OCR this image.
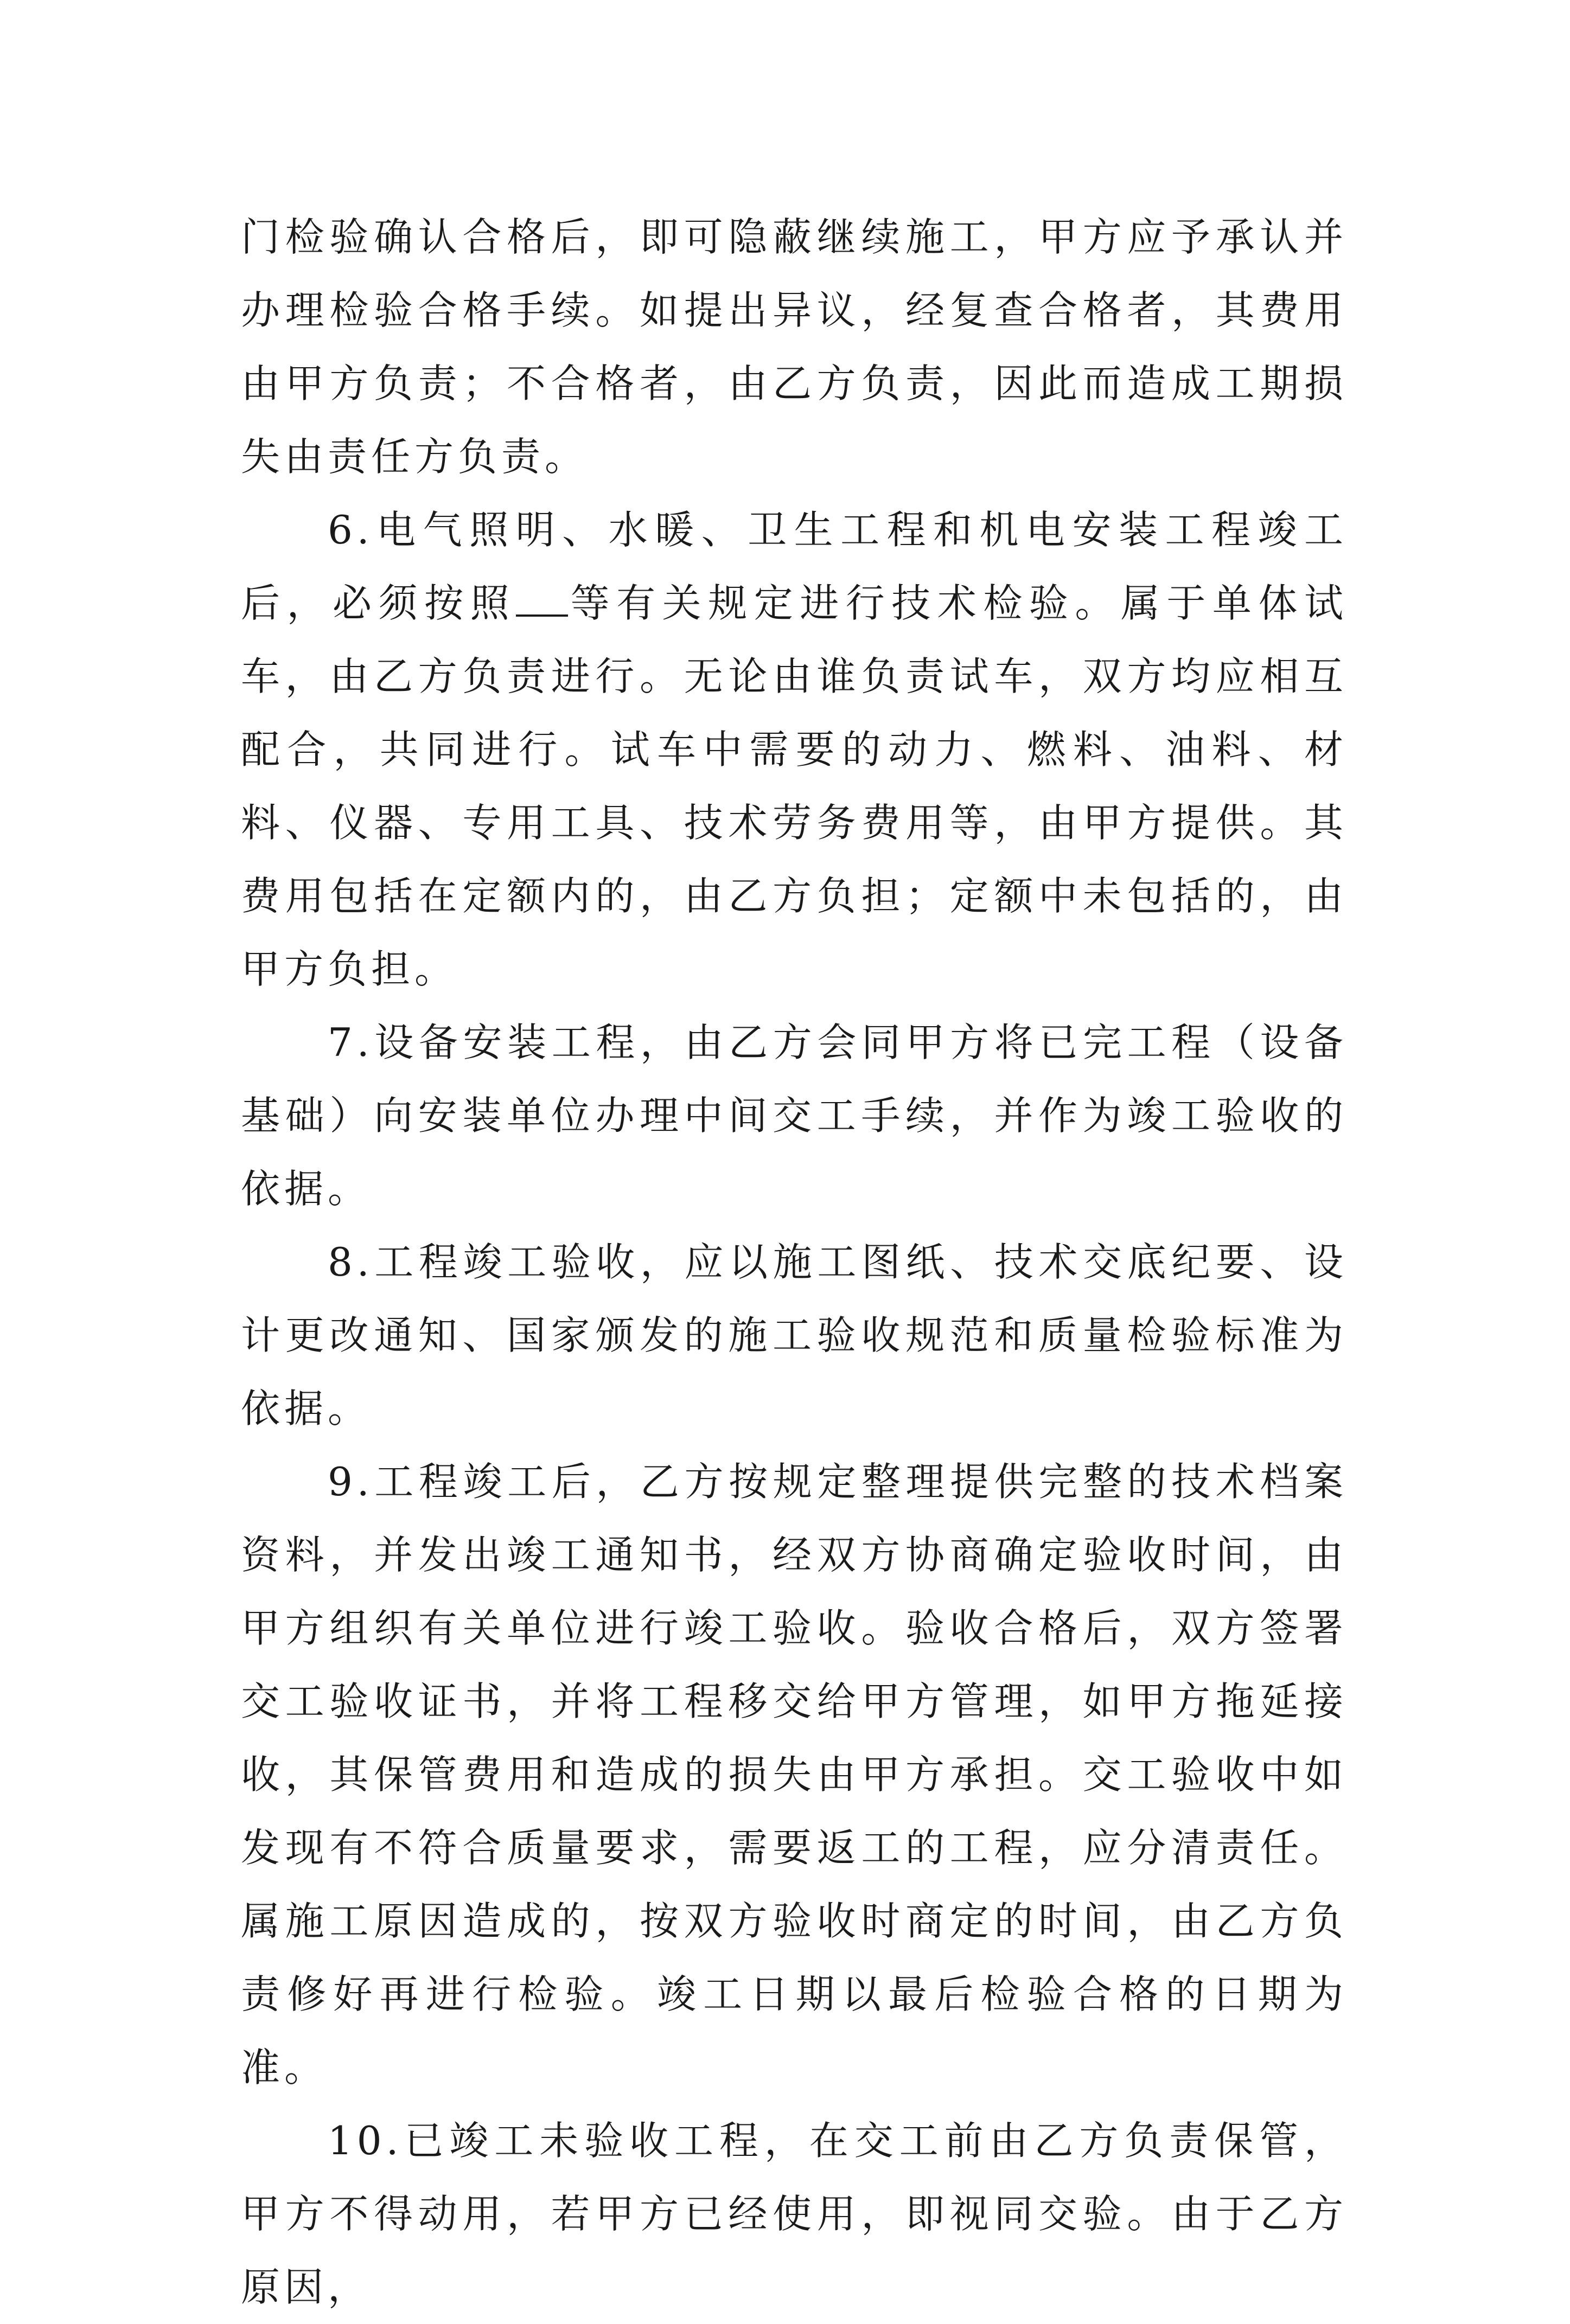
门检验确认合格后，即可隐蔽继续施工，甲方应予承认并办理检验合格手续。如提出异议，经复查合格者，其费用由甲方负责；不合格者，由乙方负责，因此而造成工期损失由责任方负责。

6.电气照明、水暖、卫生工程和机电安装工程竣工后，必须按照 等有关规定进行技术检验。属于单体试车，由乙方负责进行。无论由谁负责试车，双方均应相互配合，共同进行。试车中需要的动力、燃料、油料、材料、仪器、专用工具、技术劳务费用等，由甲方提供。其费用包括在定额内的，由乙方负担；定额中未包括的，由甲方负担。

7.设备安装工程，由乙方会同甲方将已完工程（设备基础）向安装单位办理中间交工手续，并作为竣工验收的依据。

8.工程竣工验收，应以施工图纸、技术交底纪要、设计更改通知、国家颁发的施工验收规范和质量检验标准为依据。

9.工程竣工后，乙方按规定整理提供完整的技术档案资料，并发出竣工通知书，经双方协商确定验收时间，由甲方组织有关单位进行竣工验收。验收合格后，双方签署交工验收证书，并将工程移交给甲方管理，如甲方拖延接收，其保管费用和造成的损失由甲方承担。交工验收中如发现有不符合质量要求，需要返工的工程，应分清责任。属施工原因造成的，按双方验收时商定的时间，由乙方负责修好再进行检验。竣工日期以最后检验合格的日期为准。

10.已竣工未验收工程，在交工前由乙方负责保管，甲方不得动用，若甲方已经使用，即视同交验。由于乙方原因，
